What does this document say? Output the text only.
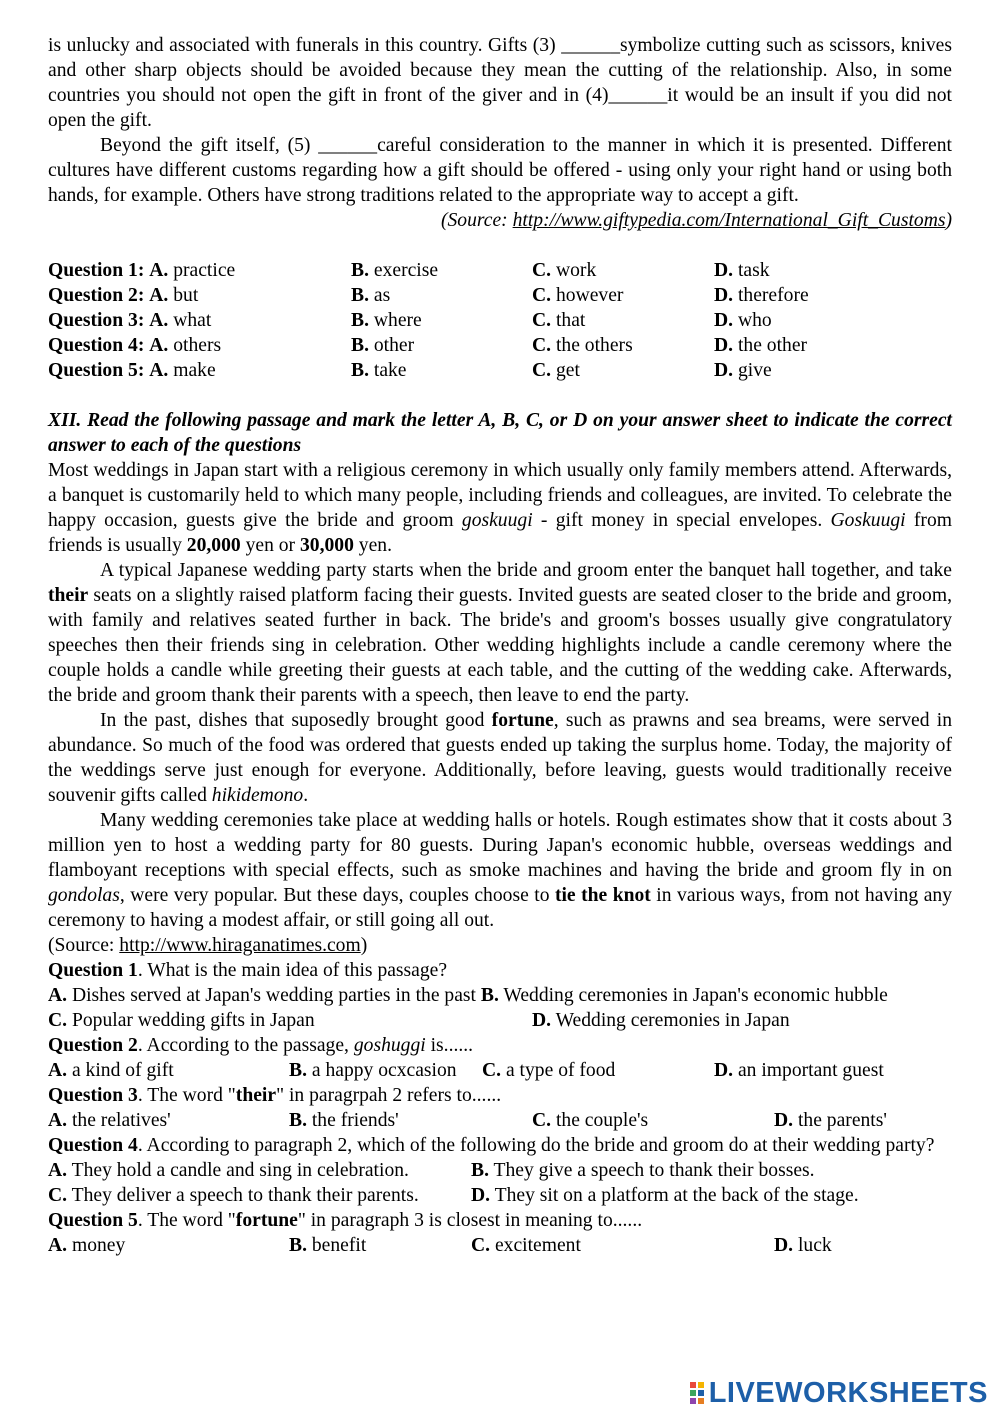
is unlucky and associated with funerals in this country. Gifts (3) ______symbolize cutting such as scissors, knives and other sharp objects should be avoided because they mean the cutting of the relationship. Also, in some countries you should not open the gift in front of the giver and in (4)______it would be an insult if you did not open the gift.

Beyond the gift itself, (5) ______careful consideration to the manner in which it is presented. Different cultures have different customs regarding how a gift should be offered - using only your right hand or using both hands, for example. Others have strong traditions related to the appropriate way to accept a gift.

(Source: http://www.giftypedia.com/International_Gift_Customs)

Question 1: A. practice	B. exercise	C. work	D. task
Question 2: A. but	B. as	C. however	D. therefore
Question 3: A. what	B. where	C. that	D. who
Question 4: A. others	B. other	C. the others	D. the other
Question 5: A. make	B. take	C. get	D. give

XII. Read the following passage and mark the letter A, B, C, or D on your answer sheet to indicate the correct answer to each of the questions

Most weddings in Japan start with a religious ceremony in which usually only family members attend. Afterwards, a banquet is customarily held to which many people, including friends and colleagues, are invited. To celebrate the happy occasion, guests give the bride and groom goskuugi - gift money in special envelopes. Goskuugi from friends is usually 20,000 yen or 30,000 yen.

A typical Japanese wedding party starts when the bride and groom enter the banquet hall together, and take their seats on a slightly raised platform facing their guests. Invited guests are seated closer to the bride and groom, with family and relatives seated further in back. The bride's and groom's bosses usually give congratulatory speeches then their friends sing in celebration. Other wedding highlights include a candle ceremony where the couple holds a candle while greeting their guests at each table, and the cutting of the wedding cake. Afterwards, the bride and groom thank their parents with a speech, then leave to end the party.

In the past, dishes that suposedly brought good fortune, such as prawns and sea breams, were served in abundance. So much of the food was ordered that guests ended up taking the surplus home. Today, the majority of the weddings serve just enough for everyone. Additionally, before leaving, guests would traditionally receive souvenir gifts called hikidemono.

Many wedding ceremonies take place at wedding halls or hotels. Rough estimates show that it costs about 3 million yen to host a wedding party for 80 guests. During Japan's economic hubble, overseas weddings and flamboyant receptions with special effects, such as smoke machines and having the bride and groom fly in on gondolas, were very popular. But these days, couples choose to tie the knot in various ways, from not having any ceremony to having a modest affair, or still going all out.

(Source: http://www.hiraganatimes.com)

Question 1. What is the main idea of this passage?

A. Dishes served at Japan's wedding parties in the past B. Wedding ceremonies in Japan's economic hubble

C. Popular wedding gifts in Japan	D. Wedding ceremonies in Japan

Question 2. According to the passage, goshuggi is......

A. a kind of gift	B. a happy ocxcasion	C. a type of food	D. an important guest

Question 3. The word "their" in paragrpah 2 refers to......

A. the relatives'	B. the friends'	C. the couple's	D. the parents'

Question 4. According to paragraph 2, which of the following do the bride and groom do at their wedding party?

A. They hold a candle and sing in celebration.	B. They give a speech to thank their bosses.
C. They deliver a speech to thank their parents.	D. They sit on a platform at the back of the stage.

Question 5. The word "fortune" in paragraph 3 is closest in meaning to......

A. money	B. benefit	C. excitement	D. luck
LIVEWORKSHEETS
